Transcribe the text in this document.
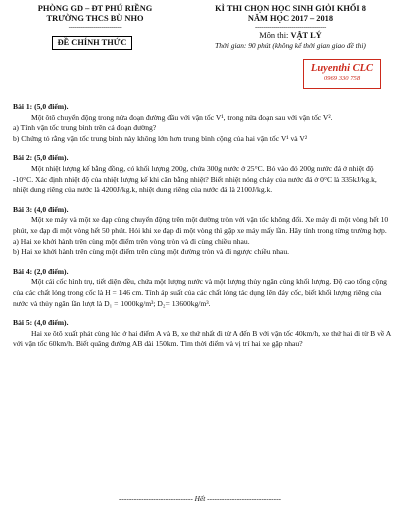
PHÒNG GD – ĐT PHÚ RIỀNG
TRƯỜNG THCS BÙ NHO
--------------------------
KÌ THI CHỌN HỌC SINH GIỎI KHỐI 8
NĂM HỌC 2017 – 2018
-----------------------------------
Môn thi: VẬT LÝ
Thời gian: 90 phút (không kể thời gian giao đề thi)
ĐỀ CHÍNH THỨC
Luyenthi CLC
0969 330 758
Bài 1: (5,0 điểm).
Một ôtô chuyển động trong nửa đoạn đường đầu với vận tốc V¹, trong nửa đoạn sau với vận tốc V².
a) Tính vận tốc trung bình trên cả đoạn đường?
b) Chứng tỏ rằng vận tốc trung bình này không lớn hơn trung bình cộng của hai vận tốc V¹ và V²
Bài 2: (5,0 điểm).
Một nhiệt lượng kế bằng đồng, có khối lượng 200g, chứa 300g nước ở 25°C. Bỏ vào đó 200g nước đá ở nhiệt độ -10°C. Xác định nhiệt độ của nhiệt lượng kế khi cân bằng nhiệt? Biết nhiệt nóng chảy của nước đá ở 0°C là 335kJ/kg.k, nhiệt dung riêng của nước là 4200J/kg.k, nhiệt dung riêng của nước đá là 2100J/kg.k.
Bài 3: (4,0 điểm).
Một xe máy và một xe đạp cùng chuyển động trên một đường tròn với vận tốc không đổi. Xe máy đi một vòng hết 10 phút, xe đạp đi một vòng hết 50 phút. Hỏi khi xe đạp đi một vòng thì gặp xe máy mấy lần. Hãy tính trong từng trường hợp.
a) Hai xe khởi hành trên cùng một điểm trên vòng tròn và đi cùng chiều nhau.
b) Hai xe khởi hành trên cùng một điểm trên cùng một đường tròn và đi ngược chiều nhau.
Bài 4: (2,0 điểm).
Một cái cốc hình trụ, tiết diện đều, chứa một lượng nước và một lượng thủy ngân cùng khối lượng. Độ cao tổng cộng của các chất lỏng trong cốc là H = 146 cm. Tính áp suất của các chất lỏng tác dụng lên đáy cốc, biết khối lượng riêng của nước và thủy ngân lần lượt là D₁ = 1000kg/m³; D₂= 13600kg/m³.
Bài 5: (4,0 điểm).
Hai xe ôtô xuất phát cùng lúc ở hai điểm A và B, xe thứ nhất đi từ A đến B với vận tốc 40km/h, xe thứ hai đi từ B về A với vận tốc 60km/h. Biết quãng đường AB dài 150km. Tìm thời điểm và vị trí hai xe gặp nhau?
------------------------------ Hết ------------------------------
